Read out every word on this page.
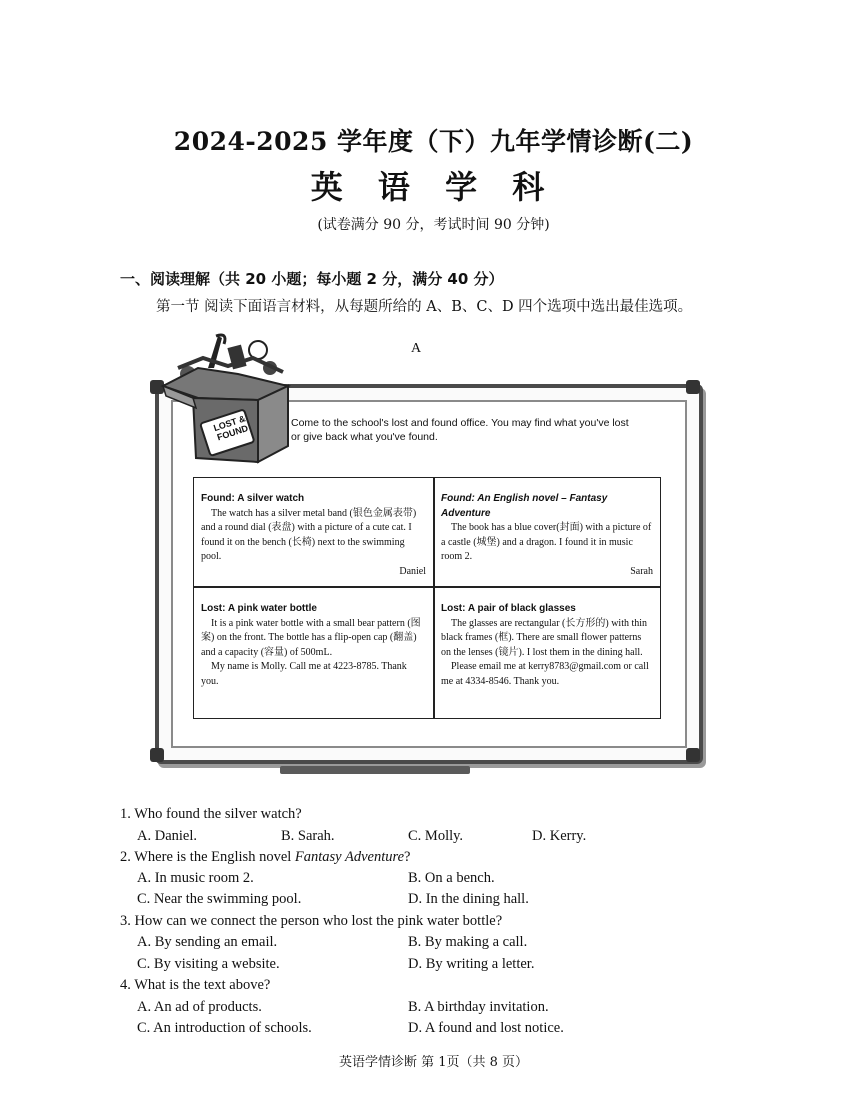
2024-2025 学年度（下）九年学情诊断(二)
英 语 学 科
(试卷满分 90 分，考试时间 90 分钟)
一、阅读理解（共 20 小题；每小题 2 分，满分 40 分）
第一节 阅读下面语言材料，从每题所给的 A、B、C、D 四个选项中选出最佳选项。
A
LOST & FOUND
Come to the school's lost and found office. You may find what you've lost
or give back what you've found.
Found: A silver watch
The watch has a silver metal band (银色金属表带) and a round dial (表盘) with a picture of a cute cat. I found it on the bench (长椅) next to the swimming pool.
Daniel
Found: An English novel – Fantasy Adventure
The book has a blue cover(封面) with a picture of a castle (城堡) and a dragon. I found it in music room 2.
Sarah
Lost: A pink water bottle
It is a pink water bottle with a small bear pattern (图案) on the front. The bottle has a flip-open cap (翻盖) and a capacity (容量) of 500mL.
My name is Molly. Call me at 4223-8785. Thank you.
Lost: A pair of black glasses
The glasses are rectangular (长方形的) with thin black frames (框). There are small flower patterns on the lenses (镜片). I lost them in the dining hall.
Please email me at kerry8783@gmail.com or call me at 4334-8546. Thank you.
1. Who found the silver watch?
A. Daniel.	B. Sarah.	C. Molly.	D. Kerry.
2. Where is the English novel Fantasy Adventure?
A. In music room 2.	B. On a bench.
C. Near the swimming pool.	D. In the dining hall.
3. How can we connect the person who lost the pink water bottle?
A. By sending an email.	B. By making a call.
C. By visiting a website.	D. By writing a letter.
4. What is the text above?
A. An ad of products.	B. A birthday invitation.
C. An introduction of schools.	D. A found and lost notice.
英语学情诊断 第 1页（共 8 页）
